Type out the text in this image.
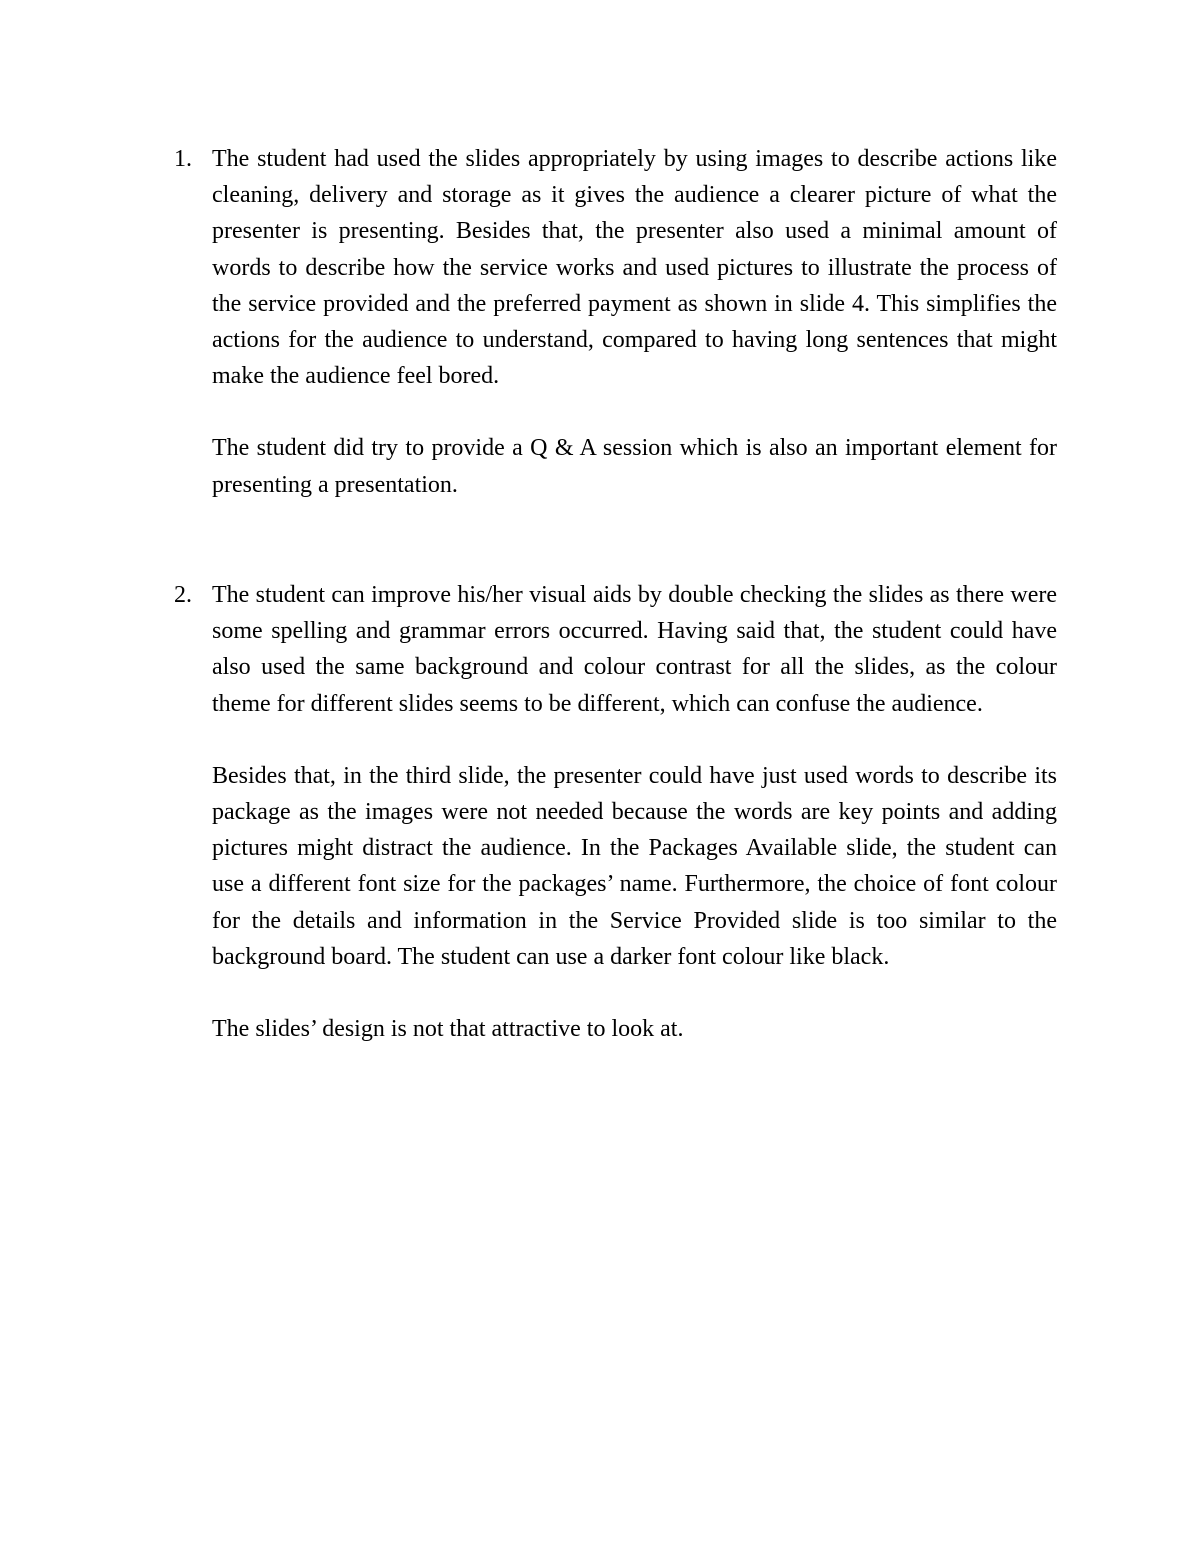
1. The student had used the slides appropriately by using images to describe actions like cleaning, delivery and storage as it gives the audience a clearer picture of what the presenter is presenting. Besides that, the presenter also used a minimal amount of words to describe how the service works and used pictures to illustrate the process of the service provided and the preferred payment as shown in slide 4. This simplifies the actions for the audience to understand, compared to having long sentences that might make the audience feel bored.

The student did try to provide a Q & A session which is also an important element for presenting a presentation.

2. The student can improve his/her visual aids by double checking the slides as there were some spelling and grammar errors occurred. Having said that, the student could have also used the same background and colour contrast for all the slides, as the colour theme for different slides seems to be different, which can confuse the audience.

Besides that, in the third slide, the presenter could have just used words to describe its package as the images were not needed because the words are key points and adding pictures might distract the audience. In the Packages Available slide, the student can use a different font size for the packages’ name. Furthermore, the choice of font colour for the details and information in the Service Provided slide is too similar to the background board. The student can use a darker font colour like black.

The slides’ design is not that attractive to look at.
